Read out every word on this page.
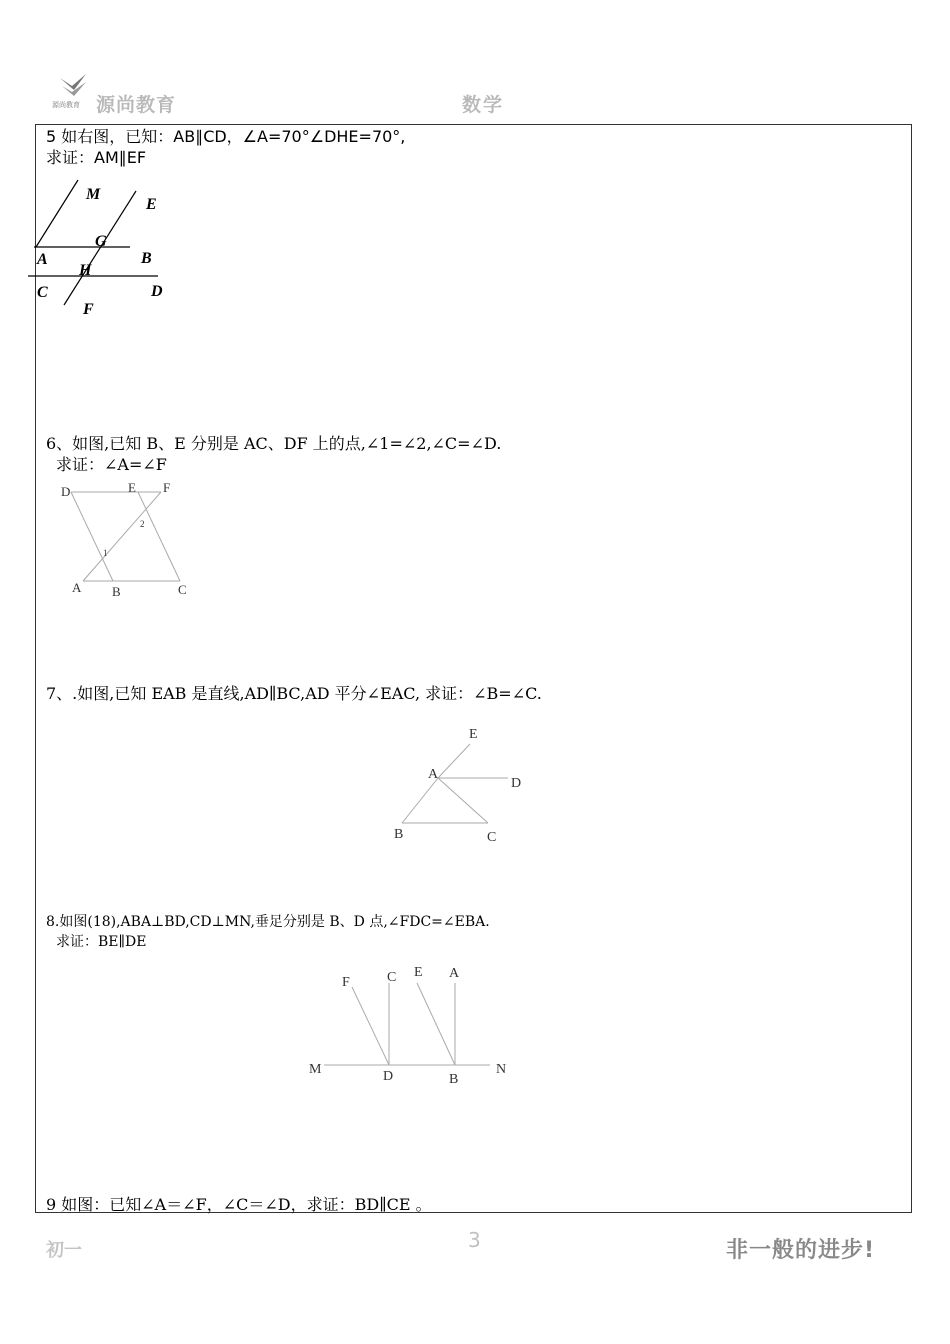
源尚教育 源尚教育	数学
5 如右图，已知：AB∥CD，∠A=70°∠DHE=70°,
求证：AM∥EF
M
E
G
A	B
H
C	D
F
6、如图,已知 B、E 分别是 AC、DF 上的点,∠1=∠2,∠C=∠D.
求证：∠A=∠F
D	E F
2
1
A B	C
7、.如图,已知 EAB 是直线,AD∥BC,AD 平分∠EAC, 求证：∠B=∠C.
E
A
D
B	C
8.如图(18),ABA⊥BD,CD⊥MN,垂足分别是 B、D 点,∠FDC=∠EBA.
求证：BE∥DE
F	C E A
M	D	B
N
9 如图：已知∠A＝∠F，∠C＝∠D，求证：BD∥CE 。
初一	3	非一般的进步!
